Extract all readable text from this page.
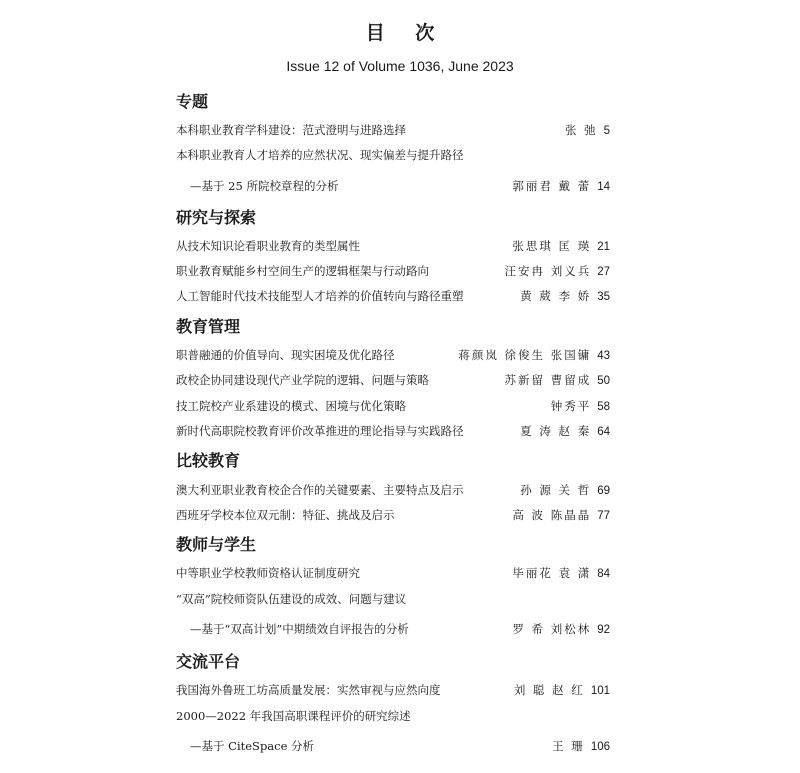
目 次
Issue 12 of Volume 1036, June 2023
专题
本科职业教育学科建设：范式澄明与进路选择	张 弛 5
本科职业教育人才培养的应然状况、现实偏差与提升路径
—基于 25 所院校章程的分析	郭丽君 戴 蕾 14
研究与探索
从技术知识论看职业教育的类型属性	张思琪 匡 瑛 21
职业教育赋能乡村空间生产的逻辑框架与行动路向	汪安冉 刘义兵 27
人工智能时代技术技能型人才培养的价值转向与路径重塑	黄 葳 李 娇 35
教育管理
职普融通的价值导向、现实困境及优化路径	蒋颜岚 徐俊生 张国镛 43
政校企协同建设现代产业学院的逻辑、问题与策略	苏新留 曹留成 50
技工院校产业系建设的模式、困境与优化策略	钟秀平 58
新时代高职院校教育评价改革推进的理论指导与实践路径	夏 涛 赵 秦 64
比较教育
澳大利亚职业教育校企合作的关键要素、主要特点及启示	孙 源 关 哲 69
西班牙学校本位双元制：特征、挑战及启示	高 波 陈晶晶 77
教师与学生
中等职业学校教师资格认证制度研究	毕丽花 袁 潇 84
“双高”院校师资队伍建设的成效、问题与建议
—基于“双高计划”中期绩效自评报告的分析	罗 希 刘松林 92
交流平台
我国海外鲁班工坊高质量发展：实然审视与应然向度	刘 聪 赵 红 101
2000—2022 年我国高职课程评价的研究综述
—基于 CiteSpace 分析	王 珊 106
